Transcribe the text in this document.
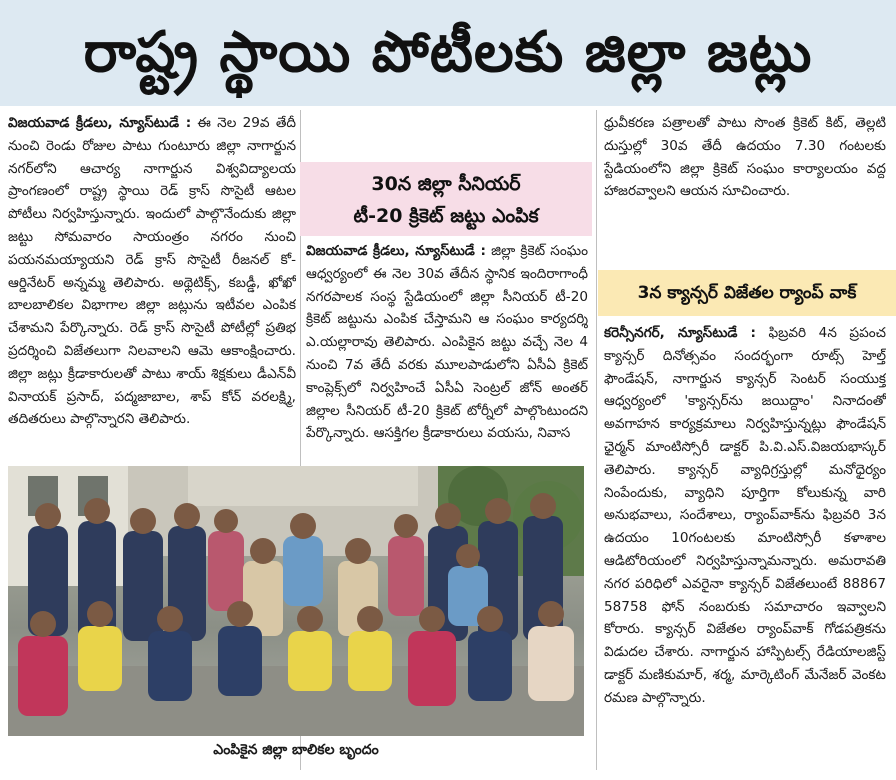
రాష్ట్ర స్థాయి పోటీలకు జిల్లా జట్లు

విజయవాడ క్రీడలు, న్యూస్‌టుడే : ఈ నెల 29వ తేదీ నుంచి రెండు రోజుల పాటు గుంటూరు జిల్లా నాగార్జున నగర్‌లోని ఆచార్య నాగార్జున విశ్వవిద్యాలయ ప్రాంగణంలో రాష్ట్ర స్థాయి రెడ్ క్రాస్ సొసైటీ ఆటల పోటీలు నిర్వహిస్తున్నారు. ఇందులో పాల్గొనేందుకు జిల్లా జట్టు సోమవారం సాయంత్రం నగరం నుంచి పయనమయ్యాయని రెడ్ క్రాస్ సొసైటీ రీజనల్ కో-ఆర్డినేటర్ అన్నమ్మ తెలిపారు. అథ్లెటిక్స్, కబడ్డీ, ఖోఖో బాలబాలికల విభాగాల జిల్లా జట్లును ఇటీవల ఎంపిక చేశామని పేర్కొన్నారు. రెడ్ క్రాస్ సొసైటీ పోటీల్లో ప్రతిభ ప్రదర్శించి విజేతలుగా నిలవాలని ఆమె ఆకాంక్షించారు. జిల్లా జట్లు క్రీడాకారులతో పాటు శాయ్ శిక్షకులు డీఎన్‌వీ వినాయక్ ప్రసాద్, పద్మజాబాల, శాప్ కోచ్ వరలక్ష్మి, తదితరులు పాల్గొన్నారని తెలిపారు.

30న జిల్లా సీనియర్
టీ-20 క్రికెట్ జట్టు ఎంపిక

విజయవాడ క్రీడలు, న్యూస్‌టుడే : జిల్లా క్రికెట్ సంఘం ఆధ్వర్యంలో ఈ నెల 30వ తేదీన స్థానిక ఇందిరాగాంధీ నగరపాలక సంస్థ స్టేడియంలో జిల్లా సీనియర్ టీ-20 క్రికెట్ జట్టును ఎంపిక చేస్తామని ఆ సంఘం కార్యదర్శి ఎ.యల్లారావు తెలిపారు. ఎంపికైన జట్టు వచ్చే నెల 4 నుంచి 7వ తేదీ వరకు మూలపాడులోని ఏసీఏ క్రికెట్ కాంప్లెక్స్‌లో నిర్వహించే ఏసీఏ సెంట్రల్ జోన్ అంతర్ జిల్లాల సీనియర్ టీ-20 క్రికెట్ టోర్నీలో పాల్గొంటుందని పేర్కొన్నారు. ఆసక్తిగల క్రీడాకారులు వయసు, నివాస

ధ్రువీకరణ పత్రాలతో పాటు సొంత క్రికెట్ కిట్, తెల్లటి దుస్తుల్లో 30వ తేదీ ఉదయం 7.30 గంటలకు స్టేడియంలోని జిల్లా క్రికెట్ సంఘం కార్యాలయం వద్ద హాజరవ్వాలని ఆయన సూచించారు.

3న క్యాన్సర్ విజేతల ర్యాంప్ వాక్

కరెన్సీనగర్, న్యూస్‌టుడే : ఫిబ్రవరి 4న ప్రపంచ క్యాన్సర్ దినోత్సవం సందర్భంగా రూట్స్ హెల్త్ ఫౌండేషన్, నాగార్జున క్యాన్సర్ సెంటర్ సంయుక్త ఆధ్వర్యంలో 'క్యాన్సర్‌ను జయిద్దాం' నినాదంతో అవగాహన కార్యక్రమాలు నిర్వహిస్తున్నట్లు ఫౌండేషన్ ఛైర్మన్ మాంటిస్సోరీ డాక్టర్ పి.వి.ఎస్.విజయభాస్కర్ తెలిపారు. క్యాన్సర్ వ్యాధిగ్రస్తుల్లో మనోధైర్యం నింపేందుకు, వ్యాధిని పూర్తిగా కోలుకున్న వారి అనుభవాలు, సందేశాలు, ర్యాంప్‌వాక్‌ను ఫిబ్రవరి 3న ఉదయం 10గంటలకు మాంటిస్సోరీ కళాశాల ఆడిటోరియంలో నిర్వహిస్తున్నామన్నారు. అమరావతి నగర పరిధిలో ఎవరైనా క్యాన్సర్ విజేతలుంటే 88867 58758 ఫోన్ నంబరుకు సమాచారం ఇవ్వాలని కోరారు. క్యాన్సర్ విజేతల ర్యాంప్‌వాక్ గోడపత్రికను విడుదల చేశారు. నాగార్జున హాస్పిటల్స్ రేడియాలజిస్ట్ డాక్టర్ మణికుమార్, శర్మ, మార్కెటింగ్ మేనేజర్ వెంకట రమణ పాల్గొన్నారు.

ఎంపికైన జిల్లా బాలికల బృందం
